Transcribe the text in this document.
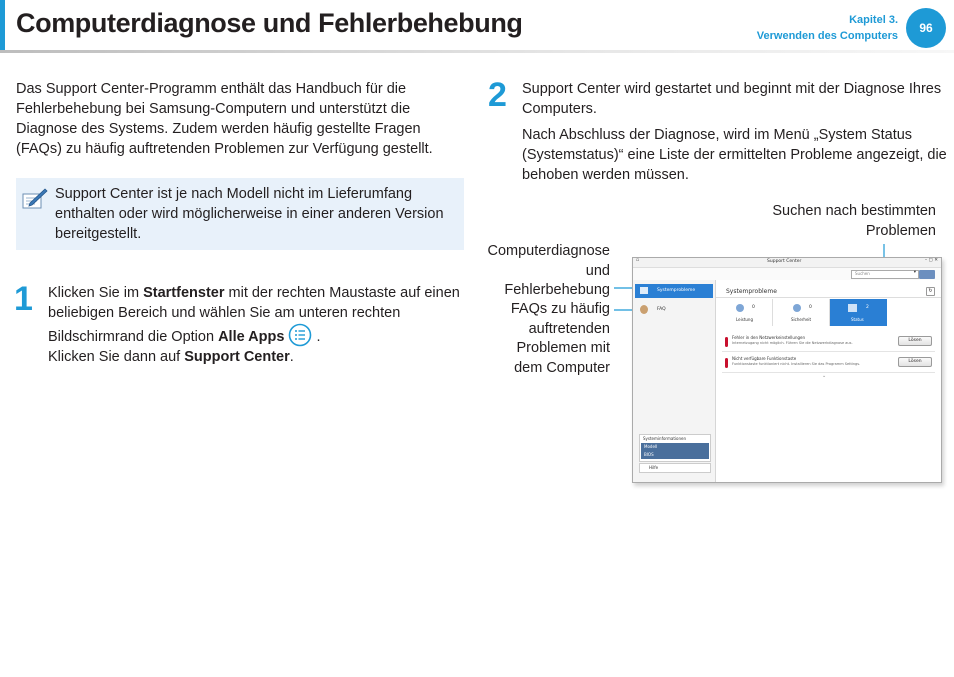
Computerdiagnose und Fehlerbehebung	Kapitel 3.
Verwenden des Computers
96
Das Support Center-Programm enthält das Handbuch für die Fehlerbehebung bei Samsung-Computern und unterstützt die Diagnose des Systems. Zudem werden häufig gestellte Fragen (FAQs) zu häufig auftretenden Problemen zur Verfügung gestellt.
Support Center ist je nach Modell nicht im Lieferumfang enthalten oder wird möglicherweise in einer anderen Version bereitgestellt.
1 Klicken Sie im Startfenster mit der rechten Maustaste auf einen beliebigen Bereich und wählen Sie am unteren rechten Bildschirmrand die Option Alle Apps  .
Klicken Sie dann auf Support Center.
2 Support Center wird gestartet und beginnt mit der Diagnose Ihres Computers.
Nach Abschluss der Diagnose, wird im Menü „System Status (Systemstatus)“ eine Liste der ermittelten Probleme angezeigt, die behoben werden müssen.
Suchen nach bestimmten
Problemen
Computerdiagnose
und
Fehlerbehebung
FAQs zu häufig
auftretenden
Problemen mit
dem Computer
Support Center
▫	– ▢ ✕
Suchen	▾
Systemprobleme
FAQ
Systeminformationen
Modell
BIOS
Hilfe
Systemprobleme	↻
0
Leistung
0
Sicherheit
2
Status
Fehler in den Netzwerkeinstellungen
Internetzugang nicht möglich. Führen Sie die Netzwerkdiagnose aus.	Lösen
Nicht verfügbare Funktionstaste
Funktionstaste funktioniert nicht. Installieren Sie das Programm Settings.	Lösen
⌄
